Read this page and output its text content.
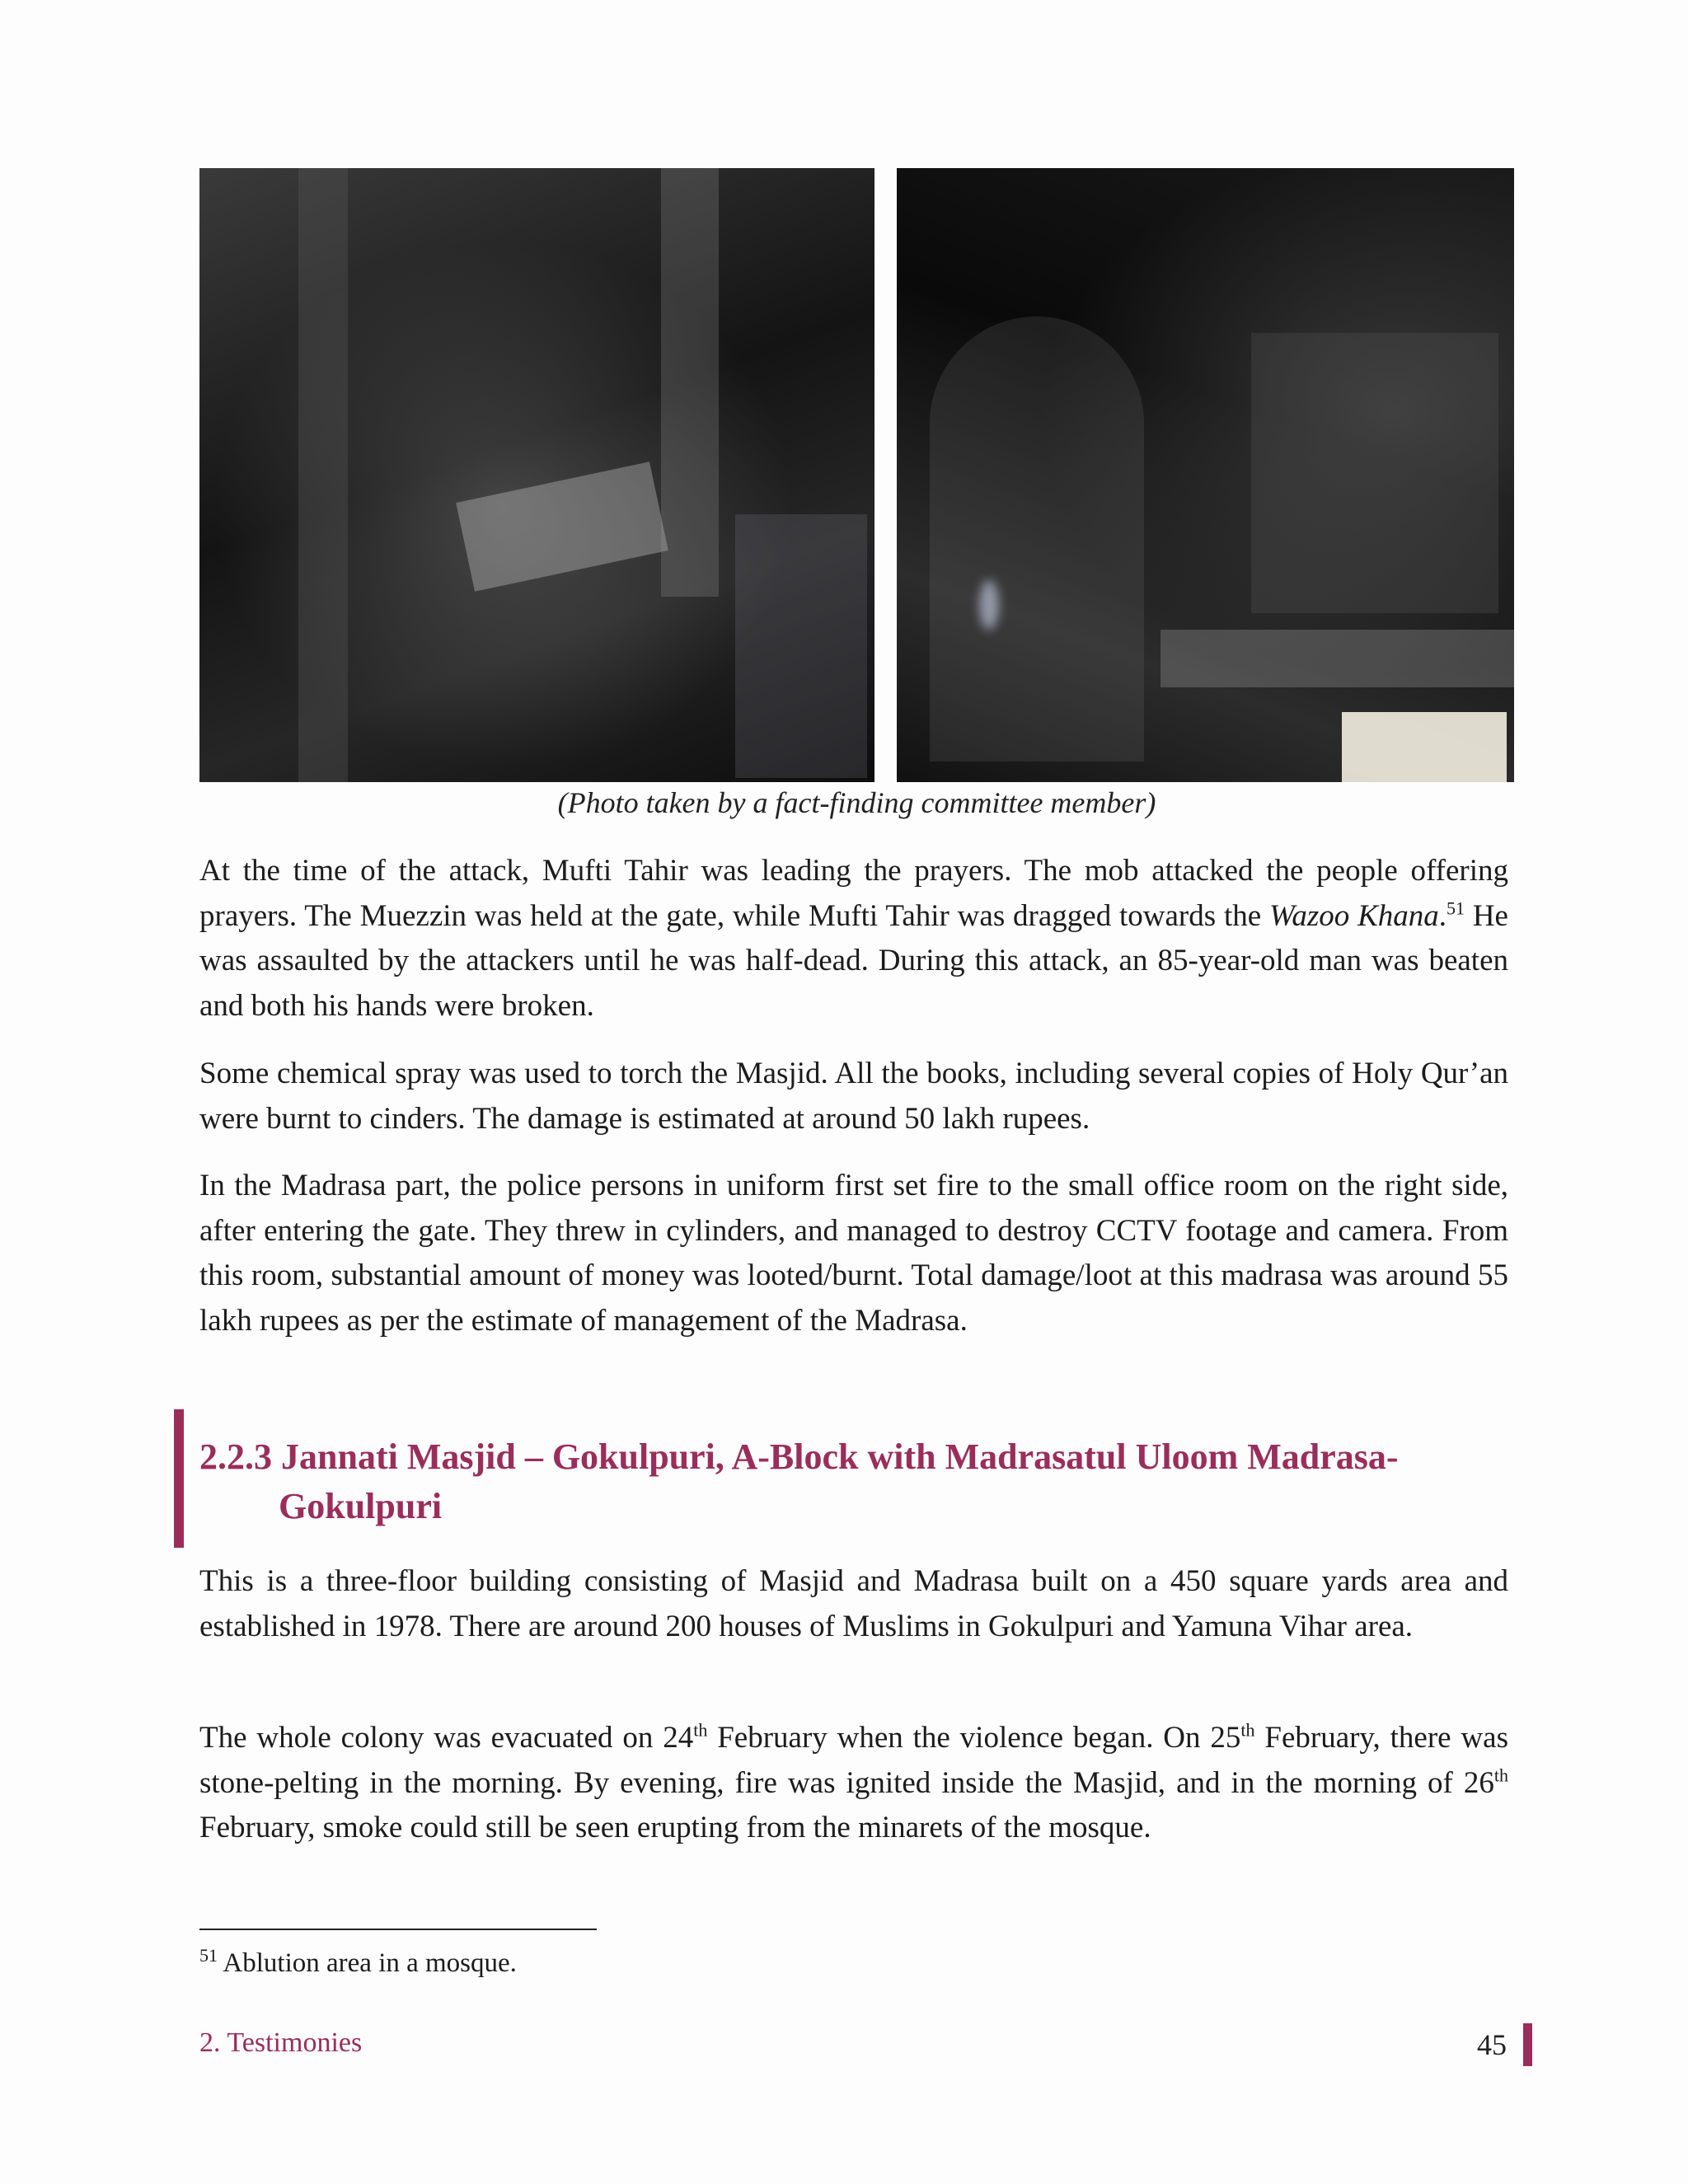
(Photo taken by a fact-finding committee member)

At the time of the attack, Mufti Tahir was leading the prayers. The mob attacked the people offering prayers. The Muezzin was held at the gate, while Mufti Tahir was dragged towards the Wazoo Khana.$^{51}$ He was assaulted by the attackers until he was half-dead. During this attack, an 85-year-old man was beaten and both his hands were broken.

Some chemical spray was used to torch the Masjid. All the books, including several copies of Holy Qur’an were burnt to cinders. The damage is estimated at around 50 lakh rupees.

In the Madrasa part, the police persons in uniform first set fire to the small office room on the right side, after entering the gate. They threw in cylinders, and managed to destroy CCTV footage and camera. From this room, substantial amount of money was looted/burnt. Total damage/loot at this madrasa was around 55 lakh rupees as per the estimate of management of the Madrasa.

2.2.3 Jannati Masjid – Gokulpuri, A-Block with Madrasatul Uloom Madrasa-
Gokulpuri

This is a three-floor building consisting of Masjid and Madrasa built on a 450 square yards area and established in 1978. There are around 200 houses of Muslims in Gokulpuri and Yamuna Vihar area.

The whole colony was evacuated on 24th February when the violence began. On 25th February, there was stone-pelting in the morning. By evening, fire was ignited inside the Masjid, and in the morning of 26th February, smoke could still be seen erupting from the minarets of the mosque.

$^{51}$ Ablution area in a mosque.

2. Testimonies	45
